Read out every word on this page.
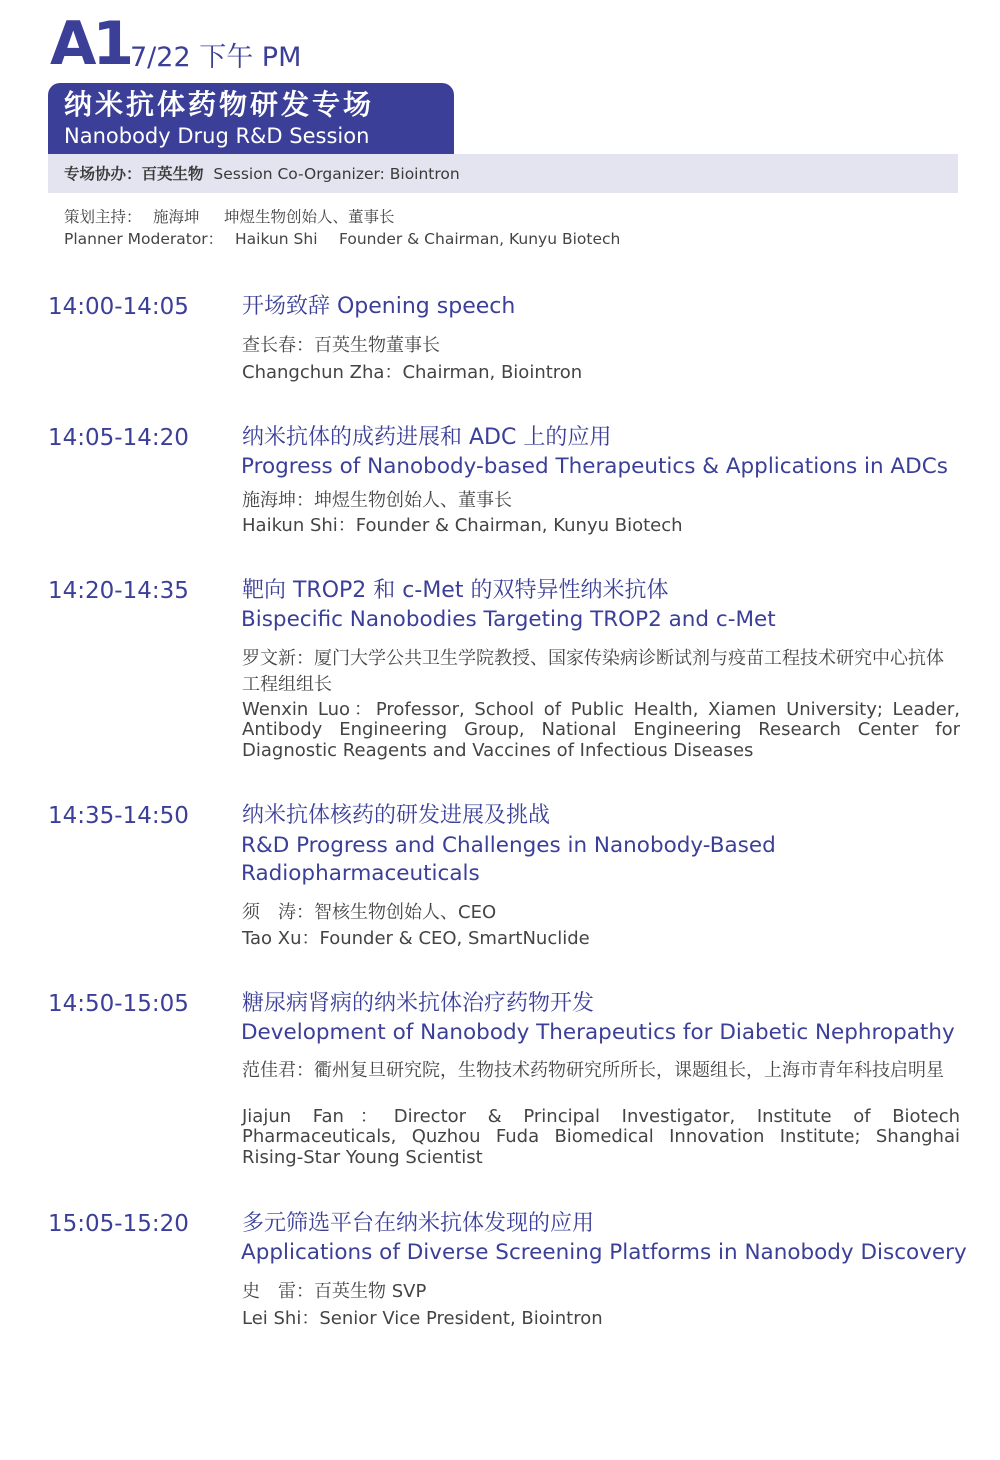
A1 7/22 下午 PM
纳米抗体药物研发专场
Nanobody Drug R&D Session
专场协办：百英生物 Session Co-Organizer: Biointron
策划主持： 施海坤 坤煜生物创始人、董事长
Planner Moderator： Haikun Shi Founder & Chairman, Kunyu Biotech
14:00-14:05 开场致辞 Opening speech
查长春：百英生物董事长
Changchun Zha：Chairman, Biointron
14:05-14:20 纳米抗体的成药进展和 ADC 上的应用
Progress of Nanobody-based Therapeutics & Applications in ADCs
施海坤：坤煜生物创始人、董事长
Haikun Shi：Founder & Chairman, Kunyu Biotech
14:20-14:35 靶向 TROP2 和 c-Met 的双特异性纳米抗体
Bispecific Nanobodies Targeting TROP2 and c-Met
罗文新：厦门大学公共卫生学院教授、国家传染病诊断试剂与疫苗工程技术研究中心抗体工程组组长
Wenxin Luo：Professor, School of Public Health, Xiamen University; Leader, Antibody Engineering Group, National Engineering Research Center for Diagnostic Reagents and Vaccines of Infectious Diseases
14:35-14:50 纳米抗体核药的研发进展及挑战
R&D Progress and Challenges in Nanobody-Based
Radiopharmaceuticals
须　涛：智核生物创始人、CEO
Tao Xu：Founder & CEO, SmartNuclide
14:50-15:05 糖尿病肾病的纳米抗体治疗药物开发
Development of Nanobody Therapeutics for Diabetic Nephropathy
范佳君：衢州复旦研究院，生物技术药物研究所所长，课题组长，上海市青年科技启明星
Jiajun Fan：Director & Principal Investigator, Institute of Biotech Pharmaceuticals, Quzhou Fuda Biomedical Innovation Institute; Shanghai Rising-Star Young Scientist
15:05-15:20 多元筛选平台在纳米抗体发现的应用
Applications of Diverse Screening Platforms in Nanobody Discovery
史　雷：百英生物 SVP
Lei Shi：Senior Vice President, Biointron
